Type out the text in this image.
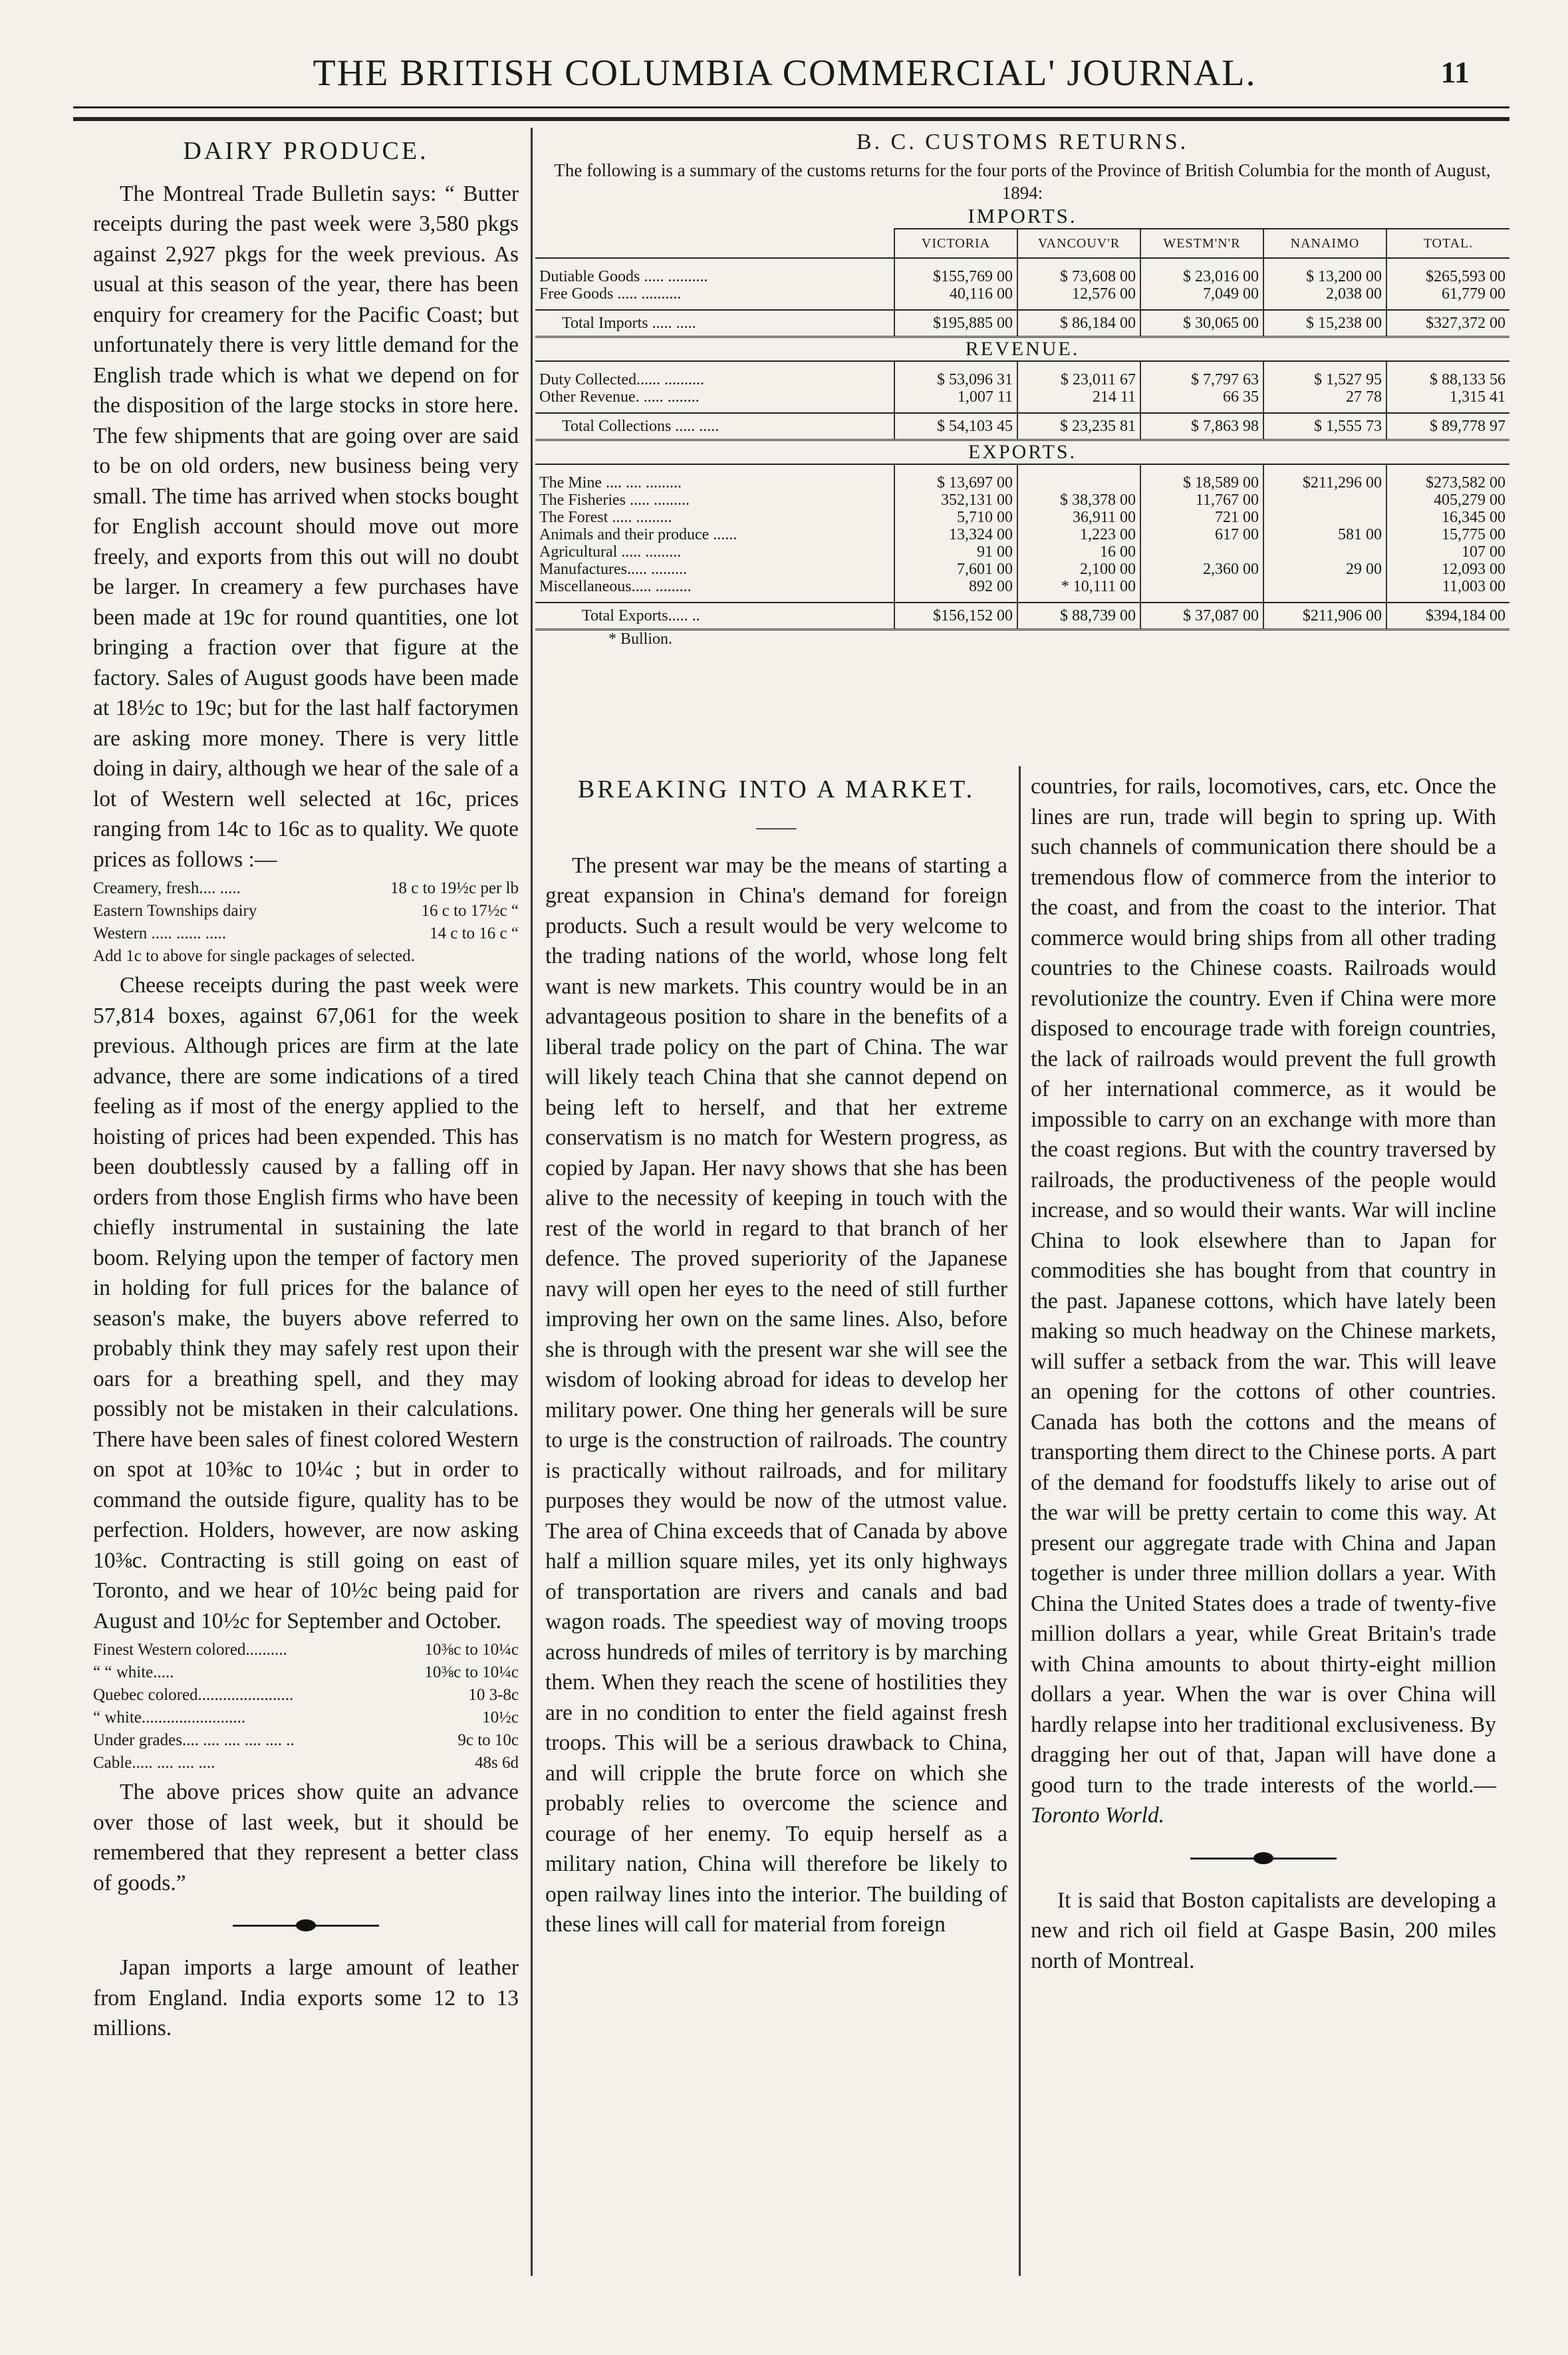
THE BRITISH COLUMBIA COMMERCIAL' JOURNAL.	11
DAIRY PRODUCE.

The Montreal Trade Bulletin says: “ Butter receipts during the past week were 3,580 pkgs against 2,927 pkgs for the week previous. As usual at this season of the year, there has been enquiry for creamery for the Pacific Coast; but unfortunately there is very little demand for the English trade which is what we depend on for the disposition of the large stocks in store here. The few shipments that are going over are said to be on old orders, new business being very small. The time has arrived when stocks bought for English account should move out more freely, and exports from this out will no doubt be larger. In creamery a few purchases have been made at 19c for round quantities, one lot bringing a fraction over that figure at the factory. Sales of August goods have been made at 18½c to 19c; but for the last half factorymen are asking more money. There is very little doing in dairy, although we hear of the sale of a lot of Western well selected at 16c, prices ranging from 14c to 16c as to quality. We quote prices as follows :—

Creamery, fresh.... .....	18 c to 19½c per lb
Eastern Townships dairy	16 c to 17½c “
Western ..... ...... .....	14 c to 16 c “
Add 1c to above for single packages of selected.

Cheese receipts during the past week were 57,814 boxes, against 67,061 for the week previous. Although prices are firm at the late advance, there are some indications of a tired feeling as if most of the energy applied to the hoisting of prices had been expended. This has been doubtlessly caused by a falling off in orders from those English firms who have been chiefly instrumental in sustaining the late boom. Relying upon the temper of factory men in holding for full prices for the balance of season's make, the buyers above referred to probably think they may safely rest upon their oars for a breathing spell, and they may possibly not be mistaken in their calculations. There have been sales of finest colored Western on spot at 10⅜c to 10¼c ; but in order to command the outside figure, quality has to be perfection. Holders, however, are now asking 10⅜c. Contracting is still going on east of Toronto, and we hear of 10½c being paid for August and 10½c for September and October.

Finest Western colored..........	10⅜c to 10¼c
“ “ white.....	10⅜c to 10¼c
Quebec colored.......................	10 3-8c
“ white.........................	10½c
Under grades.... .... .... .... .... ..	9c to 10c
Cable..... .... .... ....	48s 6d

The above prices show quite an advance over those of last week, but it should be remembered that they represent a better class of goods.”

Japan imports a large amount of leather from England. India exports some 12 to 13 millions.

B. C. CUSTOMS RETURNS.
The following is a summary of the customs returns for the four ports of the Province of British Columbia for the month of August, 1894:
IMPORTS.
	VICTORIA	VANCOUV'R	WESTM'N'R	NANAIMO	TOTAL.
Dutiable Goods ..... ..........	$155,769 00	$ 73,608 00	$ 23,016 00	$ 13,200 00	$265,593 00
Free Goods ..... ..........	40,116 00	12,576 00	7,049 00	2,038 00	61,779 00
Total Imports ..... .....	$195,885 00	$ 86,184 00	$ 30,065 00	$ 15,238 00	$327,372 00
REVENUE.					
Duty Collected...... ..........	$ 53,096 31	$ 23,011 67	$ 7,797 63	$ 1,527 95	$ 88,133 56
Other Revenue. ..... ........	1,007 11	214 11	66 35	27 78	1,315 41
Total Collections ..... .....	$ 54,103 45	$ 23,235 81	$ 7,863 98	$ 1,555 73	$ 89,778 97
EXPORTS.					
The Mine .... .... .........	$ 13,697 00		$ 18,589 00	$211,296 00	$273,582 00
The Fisheries ..... .........	352,131 00	$ 38,378 00	11,767 00		405,279 00
The Forest ..... .........	5,710 00	36,911 00	721 00		16,345 00
Animals and their produce ......	13,324 00	1,223 00	617 00	581 00	15,775 00
Agricultural ..... .........	91 00	16 00			107 00
Manufactures..... .........	7,601 00	2,100 00	2,360 00	29 00	12,093 00
Miscellaneous..... .........	892 00	* 10,111 00			11,003 00
Total Exports..... ..	$156,152 00	$ 88,739 00	$ 37,087 00	$211,906 00	$394,184 00
* Bullion.
BREAKING INTO A MARKET.
——

The present war may be the means of starting a great expansion in China's demand for foreign products. Such a result would be very welcome to the trading nations of the world, whose long felt want is new markets. This country would be in an advantageous position to share in the benefits of a liberal trade policy on the part of China. The war will likely teach China that she cannot depend on being left to herself, and that her extreme conservatism is no match for Western progress, as copied by Japan. Her navy shows that she has been alive to the necessity of keeping in touch with the rest of the world in regard to that branch of her defence. The proved superiority of the Japanese navy will open her eyes to the need of still further improving her own on the same lines. Also, before she is through with the present war she will see the wisdom of looking abroad for ideas to develop her military power. One thing her generals will be sure to urge is the construction of railroads. The country is practically without railroads, and for military purposes they would be now of the utmost value. The area of China exceeds that of Canada by above half a million square miles, yet its only highways of transportation are rivers and canals and bad wagon roads. The speediest way of moving troops across hundreds of miles of territory is by marching them. When they reach the scene of hostilities they are in no condition to enter the field against fresh troops. This will be a serious drawback to China, and will cripple the brute force on which she probably relies to overcome the science and courage of her enemy. To equip herself as a military nation, China will therefore be likely to open railway lines into the interior. The building of these lines will call for material from foreign

countries, for rails, locomotives, cars, etc. Once the lines are run, trade will begin to spring up. With such channels of communication there should be a tremendous flow of commerce from the interior to the coast, and from the coast to the interior. That commerce would bring ships from all other trading countries to the Chinese coasts. Railroads would revolutionize the country. Even if China were more disposed to encourage trade with foreign countries, the lack of railroads would prevent the full growth of her international commerce, as it would be impossible to carry on an exchange with more than the coast regions. But with the country traversed by railroads, the productiveness of the people would increase, and so would their wants. War will incline China to look elsewhere than to Japan for commodities she has bought from that country in the past. Japanese cottons, which have lately been making so much headway on the Chinese markets, will suffer a setback from the war. This will leave an opening for the cottons of other countries. Canada has both the cottons and the means of transporting them direct to the Chinese ports. A part of the demand for foodstuffs likely to arise out of the war will be pretty certain to come this way. At present our aggregate trade with China and Japan together is under three million dollars a year. With China the United States does a trade of twenty-five million dollars a year, while Great Britain's trade with China amounts to about thirty-eight million dollars a year. When the war is over China will hardly relapse into her traditional exclusiveness. By dragging her out of that, Japan will have done a good turn to the trade interests of the world.—Toronto World.

It is said that Boston capitalists are developing a new and rich oil field at Gaspe Basin, 200 miles north of Montreal.
